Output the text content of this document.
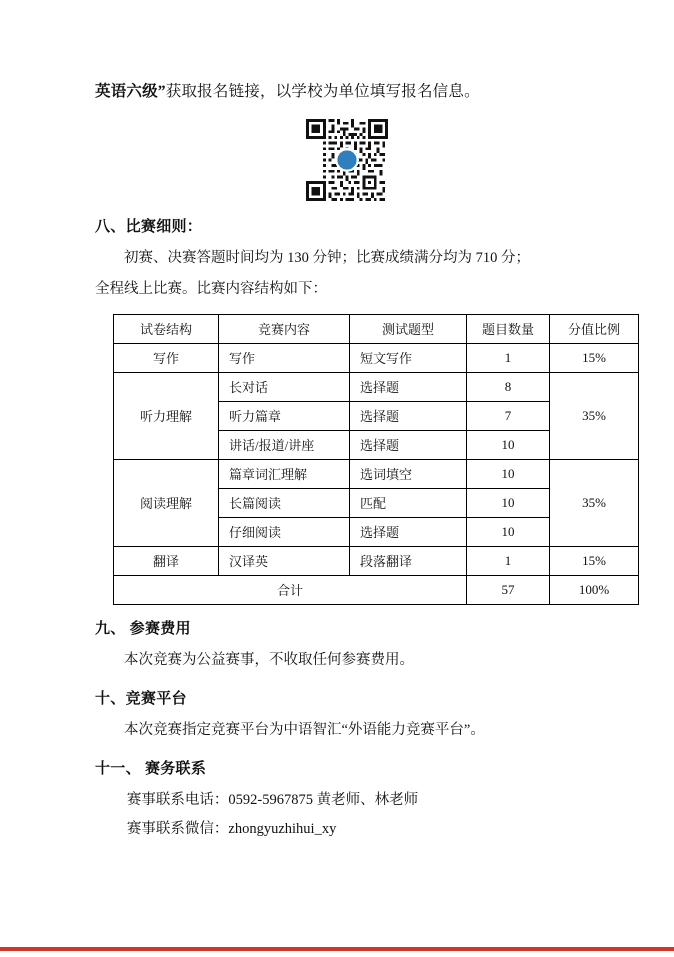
英语六级”获取报名链接，以学校为单位填写报名信息。

八、比赛细则：

初赛、决赛答题时间均为 130 分钟；比赛成绩满分均为 710 分；

全程线上比赛。比赛内容结构如下：

试卷结构	竞赛内容	测试题型	题目数量	分值比例
写作	写作	短文写作	1	15%
听力理解	长对话	选择题	8	35%
	听力篇章	选择题	7	
	讲话/报道/讲座	选择题	10	
阅读理解	篇章词汇理解	选词填空	10	35%
	长篇阅读	匹配	10	
	仔细阅读	选择题	10	
翻译	汉译英	段落翻译	1	15%
合计			57	100%
九、 参赛费用

本次竞赛为公益赛事，不收取任何参赛费用。

十、竞赛平台

本次竞赛指定竞赛平台为中语智汇“外语能力竞赛平台”。

十一、 赛务联系

赛事联系电话：0592-5967875 黄老师、林老师

赛事联系微信：zhongyuzhihui_xy
